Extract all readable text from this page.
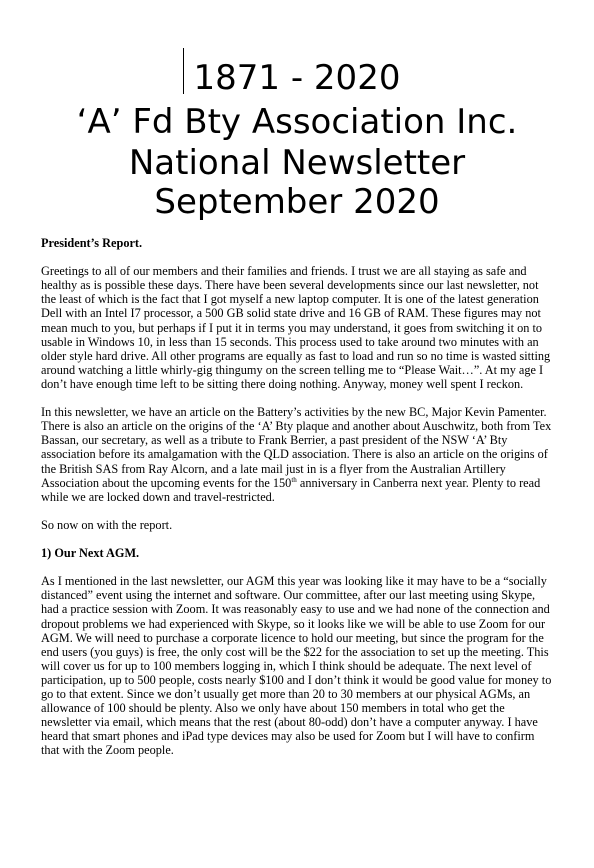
1871 - 2020
‘A’ Fd Bty Association Inc.
National Newsletter
September 2020

President’s Report.

Greetings to all of our members and their families and friends. I trust we are all staying as safe and healthy as is possible these days. There have been several developments since our last newsletter, not the least of which is the fact that I got myself a new laptop computer. It is one of the latest generation Dell with an Intel I7 processor, a 500 GB solid state drive and 16 GB of RAM. These figures may not mean much to you, but perhaps if I put it in terms you may understand, it goes from switching it on to usable in Windows 10, in less than 15 seconds. This process used to take around two minutes with an older style hard drive. All other programs are equally as fast to load and run so no time is wasted sitting around watching a little whirly-gig thingumy on the screen telling me to “Please Wait…”. At my age I don’t have enough time left to be sitting there doing nothing. Anyway, money well spent I reckon.

In this newsletter, we have an article on the Battery’s activities by the new BC, Major Kevin Pamenter. There is also an article on the origins of the ‘A’ Bty plaque and another about Auschwitz, both from Tex Bassan, our secretary, as well as a tribute to Frank Berrier, a past president of the NSW ‘A’ Bty association before its amalgamation with the QLD association. There is also an article on the origins of the British SAS from Ray Alcorn, and a late mail just in is a flyer from the Australian Artillery Association about the upcoming events for the 150th anniversary in Canberra next year. Plenty to read while we are locked down and travel-restricted.

So now on with the report.

1) Our Next AGM.

As I mentioned in the last newsletter, our AGM this year was looking like it may have to be a “socially distanced” event using the internet and software. Our committee, after our last meeting using Skype, had a practice session with Zoom. It was reasonably easy to use and we had none of the connection and dropout problems we had experienced with Skype, so it looks like we will be able to use Zoom for our AGM. We will need to purchase a corporate licence to hold our meeting, but since the program for the end users (you guys) is free, the only cost will be the $22 for the association to set up the meeting. This will cover us for up to 100 members logging in, which I think should be adequate. The next level of participation, up to 500 people, costs nearly $100 and I don’t think it would be good value for money to go to that extent. Since we don’t usually get more than 20 to 30 members at our physical AGMs, an allowance of 100 should be plenty. Also we only have about 150 members in total who get the newsletter via email, which means that the rest (about 80-odd) don’t have a computer anyway. I have heard that smart phones and iPad type devices may also be used for Zoom but I will have to confirm that with the Zoom people.
